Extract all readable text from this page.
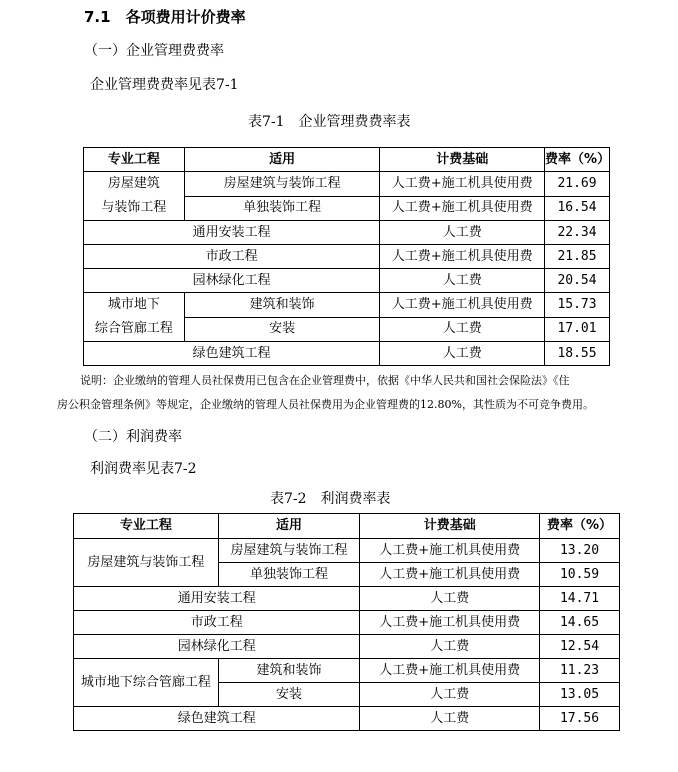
7.1　各项费用计价费率
（一）企业管理费费率
企业管理费费率见表7-1
表7-1　企业管理费费率表
专业工程	适用	计费基础	费率（%）

房屋建筑
与装饰工程	房屋建筑与装饰工程	人工费+施工机具使用费	21.69
	单独装饰工程	人工费+施工机具使用费	16.54
通用安装工程		人工费	22.34
市政工程		人工费+施工机具使用费	21.85
园林绿化工程		人工费	20.54

城市地下
综合管廊工程	建筑和装饰	人工费+施工机具使用费	15.73
	安装	人工费	17.01
绿色建筑工程		人工费	18.55
说明：企业缴纳的管理人员社保费用已包含在企业管理费中，依据《中华人民共和国社会保险法》《住
房公积金管理条例》等规定，企业缴纳的管理人员社保费用为企业管理费的12.80%，其性质为不可竞争费用。
（二）利润费率
利润费率见表7-2
表7-2　利润费率表
专业工程	适用	计费基础	费率（%）
房屋建筑与装饰工程	房屋建筑与装饰工程	人工费+施工机具使用费	13.20
	单独装饰工程	人工费+施工机具使用费	10.59
通用安装工程		人工费	14.71
市政工程		人工费+施工机具使用费	14.65
园林绿化工程		人工费	12.54
城市地下综合管廊工程	建筑和装饰	人工费+施工机具使用费	11.23
	安装	人工费	13.05
绿色建筑工程		人工费	17.56
